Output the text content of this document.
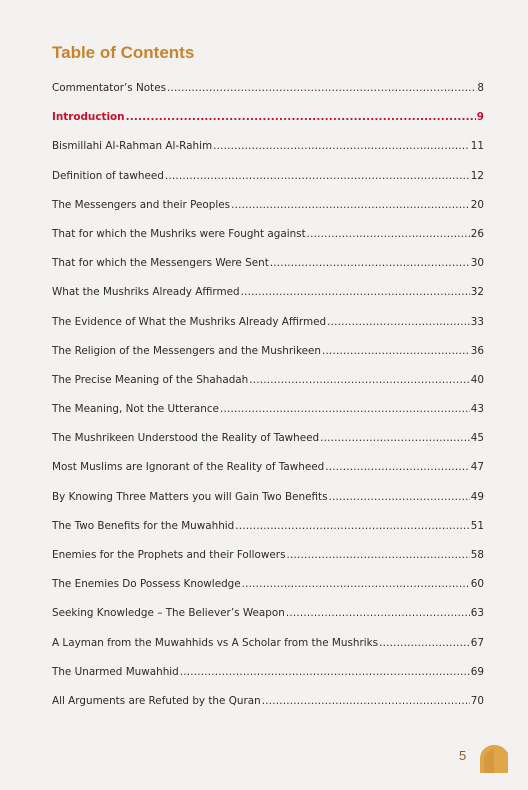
Table of Contents
Commentator’s Notes .....	8
Introduction .....	9
Bismillahi Al-Rahman Al-Rahim .....	11
Definition of tawheed .....	12
The Messengers and their Peoples .....	20
That for which the Mushriks were Fought against .....	26
That for which the Messengers Were Sent .....	30
What the Mushriks Already Affirmed .....	32
The Evidence of What the Mushriks Already Affirmed .....	33
The Religion of the Messengers and the Mushrikeen .....	36
The Precise Meaning of the Shahadah .....	40
The Meaning, Not the Utterance .....	43
The Mushrikeen Understood the Reality of Tawheed .....	45
Most Muslims are Ignorant of the Reality of Tawheed .....	47
By Knowing Three Matters you will Gain Two Benefits .....	49
The Two Benefits for the Muwahhid .....	51
Enemies for the Prophets and their Followers .....	58
The Enemies Do Possess Knowledge .....	60
Seeking Knowledge – The Believer’s Weapon .....	63
A Layman from the Muwahhids vs A Scholar from the Mushriks .....	67
The Unarmed Muwahhid .....	69
All Arguments are Refuted by the Quran .....	70
5
